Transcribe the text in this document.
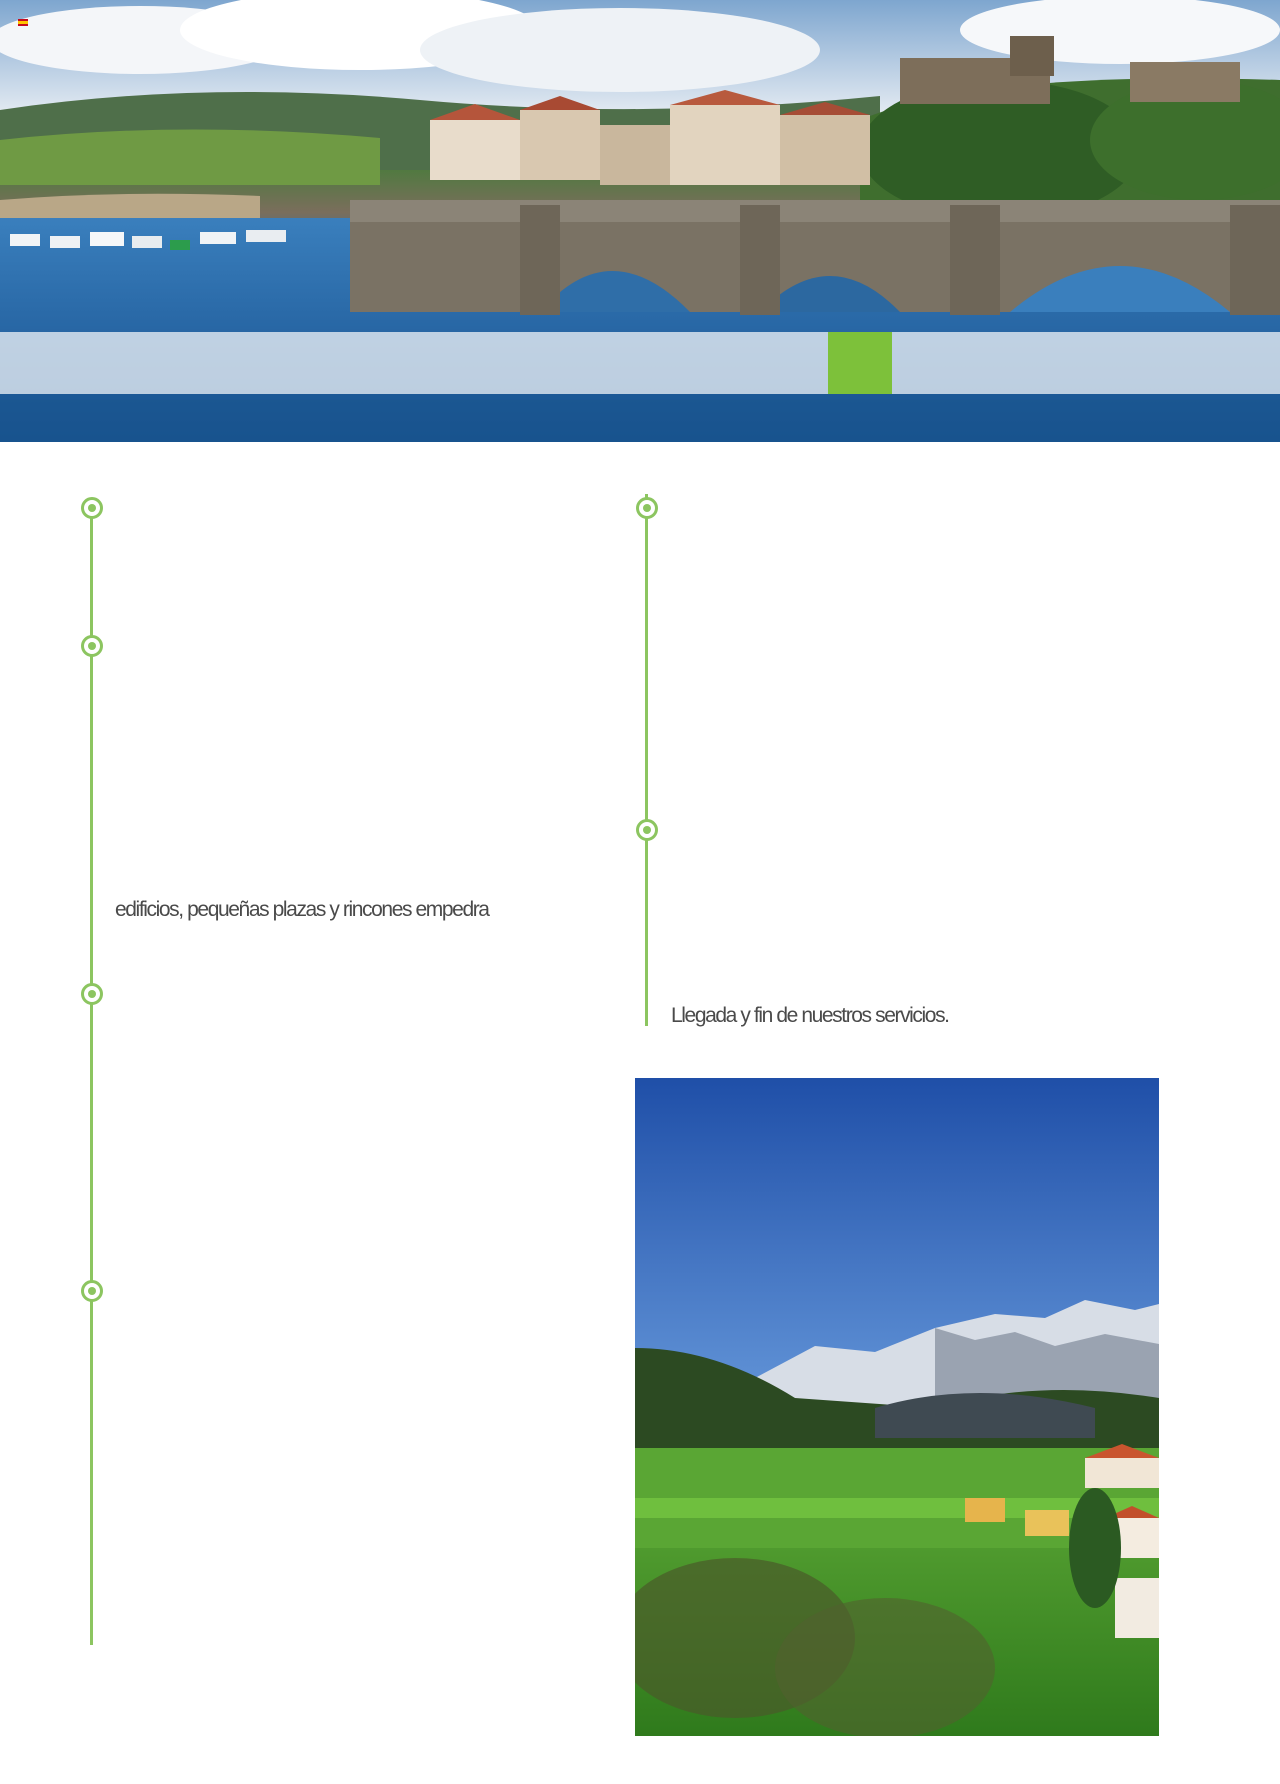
edificios, pequeñas plazas y rincones empedra
Llegada y fin de nuestros servicios.
